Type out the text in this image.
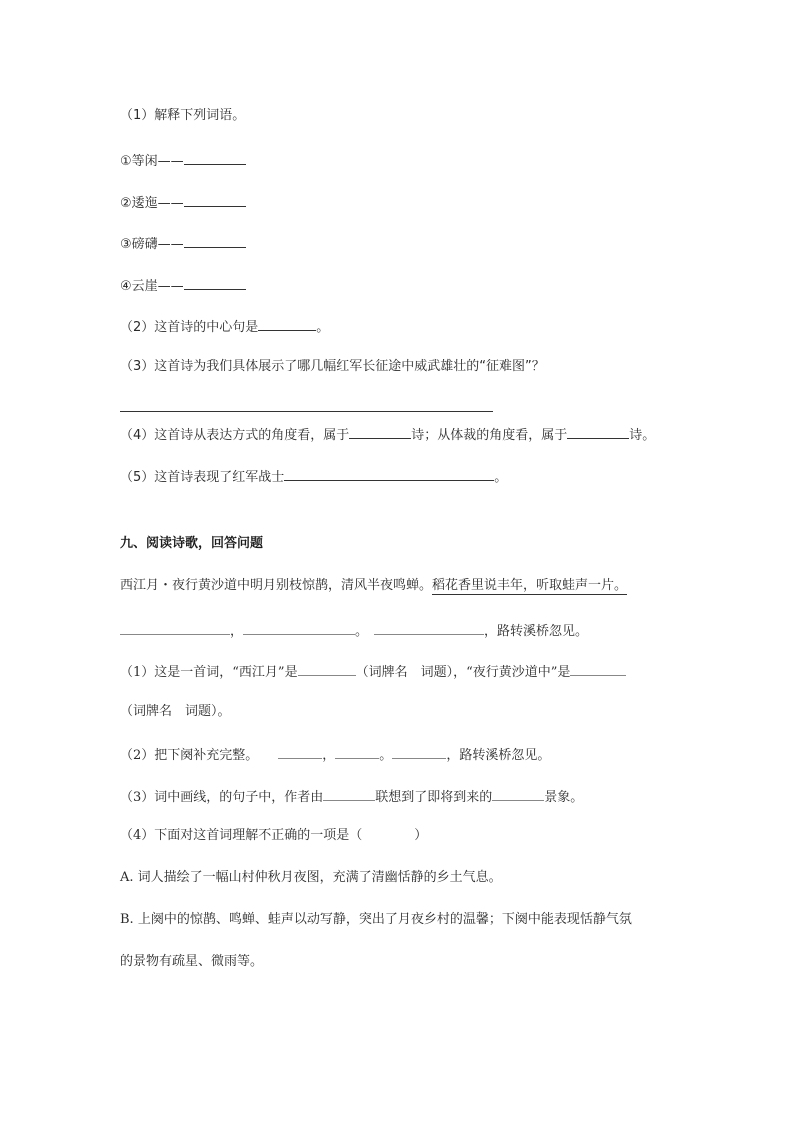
（1）解释下列词语。
①等闲——
②逶迤——
③磅礴——
④云崖——
（2）这首诗的中心句是	。
（3）这首诗为我们具体展示了哪几幅红军长征途中威武雄壮的“征难图”？
（4）这首诗从表达方式的角度看，属于	诗；从体裁的角度看，属于	诗。
（5）这首诗表现了红军战士	。
九、阅读诗歌，回答问题
西江月・夜行黄沙道中明月别枝惊鹊，清风半夜鸣蝉。稻花香里说丰年，听取蛙声一片。
，	。	，路转溪桥忽见。
（1）这是一首词，“西江月”是	（词牌名　词题），“夜行黄沙道中”是
（词牌名　词题）。
（2）把下阕补充完整。	，	。	，路转溪桥忽见。
（3）词中画线，的句子中，作者由	联想到了即将到来的	景象。
（4）下面对这首词理解不正确的一项是（　　　　）
A. 词人描绘了一幅山村仲秋月夜图，充满了清幽恬静的乡土气息。
B. 上阕中的惊鹊、鸣蝉、蛙声以动写静，突出了月夜乡村的温馨；下阕中能表现恬静气氛
的景物有疏星、微雨等。
